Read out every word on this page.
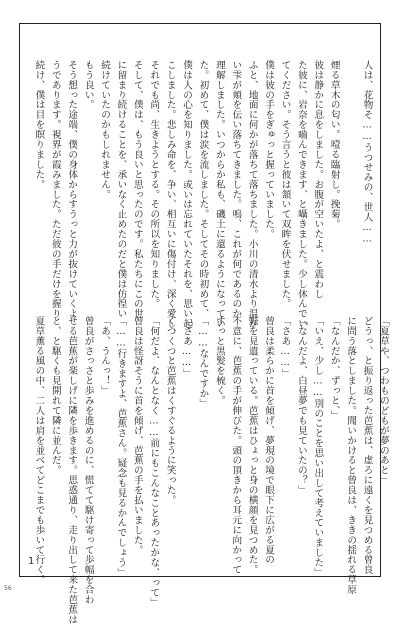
人は、花物そ……うつせみの、世人……

煙る草木の匂い。噎る臨射し。挽菊。
彼は静かに息をしました。お腹が空いたよ、と震わし
た彼に、岩奈を嚙んできます、と囁きました。少し休んでい
てください。そう言うと彼は頷いて双眸を伏せました。
僕は彼の手をぎゅっと握っていました。
ふと、地面に何かが落ちて落ちました。小川の清水より温か
い雫が頬を伝い落ちてきました。嗚、これが何であるのか
理解しました。いつからか私も、磯土に還るようになってい
た。初めて、僕は涙を流しました。そしてその時初めて、
僕は人の心を知りました。或いは忘れていたそれを、思い起
こしました。悲しみ命を、争い、相互いに傷付け、深く愛し、
それでも尚、生きようとする。その所以を知りました。
そして、僕は、もう良いと思ったのです。私たちにこの世
に留まり続けることを、承いなく止めたのだと僕は仿徨い
続けていたのかもしれません。
もう良い。
そう想った途端、僕の身体からすうっと力が抜けていくよ
うであります。視界が霞みました。ただ彼の手だけを握り
続け、僕は目を瞑りました。
「夏草や、つわものどもが夢のあと」
どうっ、と振り返った芭蕉は、虚ろに遠くを見つめる曾良
に問う落としました。聞いかけると曾良は、ききの揺れる草原
「なんだか、ずっと、」
「いえ、少し……別のことを思い出して考えていました」
「なんだよ、白昼夢でも見ていたの？」
「さあ……」
曾良は柔らかに首を傾げ、夢現の境で眼下に広がる夏の
野を見遣っている。芭蕉はひょっと身の横顔を見つめた。
不意に、芭蕉の手が伸びた。頭の頂きから耳元に向かって
すっと黒髪を梳く。
「……なんですか」
「さあ……」
くつくつと芭蕉はくすぐるように笑った。
「何だよ、なんとなく……前にもこんなことあったかな、って」
曾良は怪訝そうに首を傾げ、芭蕉の手を払いました。
「……行きますよ、芭蕉さん。疑念も見るかんでしょう」
「あ、うんっ！」
曾良がさっさと歩みを進めるのに、慌てて駆け寄って歩幅を合わ
せる芭蕉が楽しげに隣を歩きます。思惑通り、走り出して来た芭蕉は
と、と駆くも見開れて隣に並んだ。
夏草薫る風の中、二人は肩を並べてどこまでも歩いて行く。
1
56
